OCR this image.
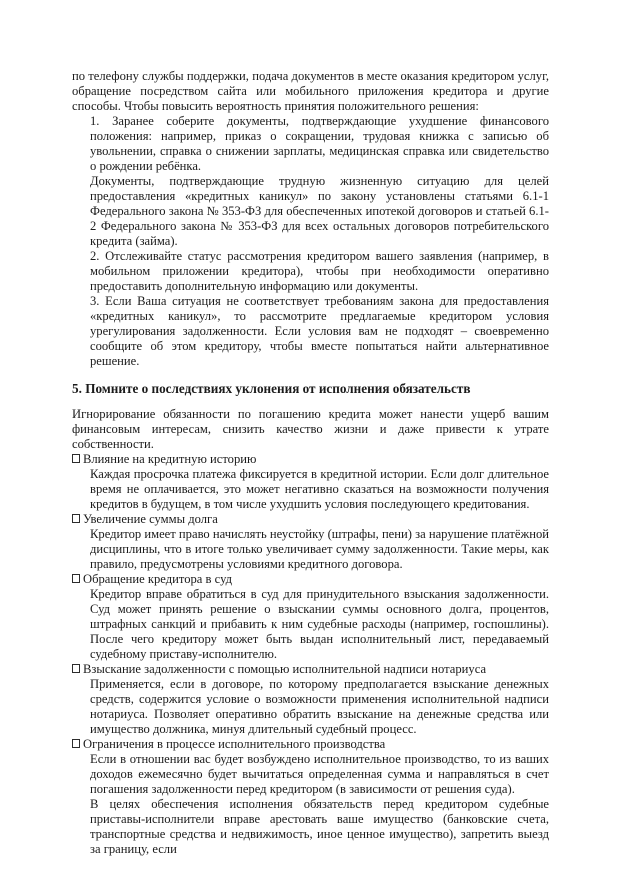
по телефону службы поддержки, подача документов в месте оказания кредитором услуг, обращение посредством сайта или мобильного приложения кредитора и другие способы. Чтобы повысить вероятность принятия положительного решения:

1. Заранее соберите документы, подтверждающие ухудшение финансового положения: например, приказ о сокращении, трудовая книжка с записью об увольнении, справка о снижении зарплаты, медицинская справка или свидетельство о рождении ребёнка.

Документы, подтверждающие трудную жизненную ситуацию для целей предоставления «кредитных каникул» по закону установлены статьями 6.1-1 Федерального закона № 353-ФЗ для обеспеченных ипотекой договоров и статьей 6.1-2 Федерального закона № 353-ФЗ для всех остальных договоров потребительского кредита (займа).

2. Отслеживайте статус рассмотрения кредитором вашего заявления (например, в мобильном приложении кредитора), чтобы при необходимости оперативно предоставить дополнительную информацию или документы.

3. Если Ваша ситуация не соответствует требованиям закона для предоставления «кредитных каникул», то рассмотрите предлагаемые кредитором условия урегулирования задолженности. Если условия вам не подходят – своевременно сообщите об этом кредитору, чтобы вместе попытаться найти альтернативное решение.

5. Помните о последствиях уклонения от исполнения обязательств

Игнорирование обязанности по погашению кредита может нанести ущерб вашим финансовым интересам, снизить качество жизни и даже привести к утрате собственности.

Влияние на кредитную историю

Каждая просрочка платежа фиксируется в кредитной истории. Если долг длительное время не оплачивается, это может негативно сказаться на возможности получения кредитов в будущем, в том числе ухудшить условия последующего кредитования.

Увеличение суммы долга

Кредитор имеет право начислять неустойку (штрафы, пени) за нарушение платёжной дисциплины, что в итоге только увеличивает сумму задолженности. Такие меры, как правило, предусмотрены условиями кредитного договора.

Обращение кредитора в суд

Кредитор вправе обратиться в суд для принудительного взыскания задолженности. Суд может принять решение о взыскании суммы основного долга, процентов, штрафных санкций и прибавить к ним судебные расходы (например, госпошлины). После чего кредитору может быть выдан исполнительный лист, передаваемый судебному приставу-исполнителю.

Взыскание задолженности с помощью исполнительной надписи нотариуса

Применяется, если в договоре, по которому предполагается взыскание денежных средств, содержится условие о возможности применения исполнительной надписи нотариуса. Позволяет оперативно обратить взыскание на денежные средства или имущество должника, минуя длительный судебный процесс.

Ограничения в процессе исполнительного производства

Если в отношении вас будет возбуждено исполнительное производство, то из ваших доходов ежемесячно будет вычитаться определенная сумма и направляться в счет погашения задолженности перед кредитором (в зависимости от решения суда).

В целях обеспечения исполнения обязательств перед кредитором судебные приставы-исполнители вправе арестовать ваше имущество (банковские счета, транспортные средства и недвижимость, иное ценное имущество), запретить выезд за границу, если
